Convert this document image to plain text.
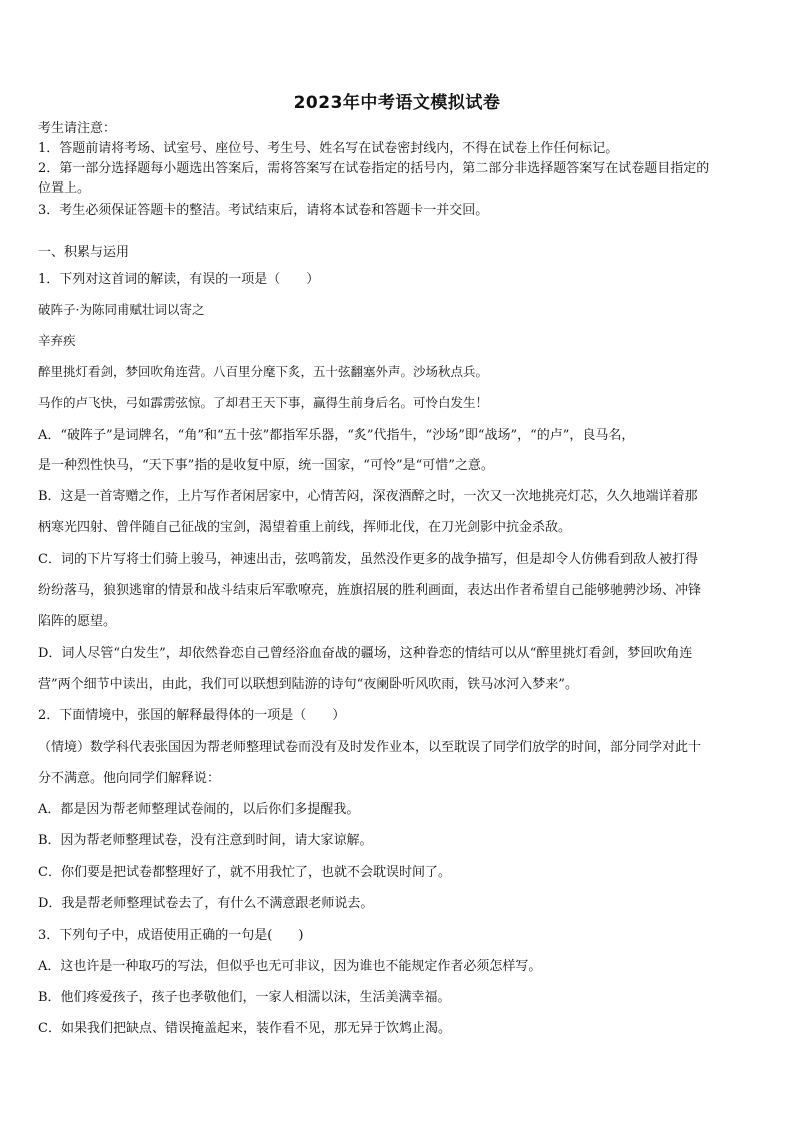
2023年中考语文模拟试卷
考生请注意：
1．答题前请将考场、试室号、座位号、考生号、姓名写在试卷密封线内，不得在试卷上作任何标记。
2．第一部分选择题每小题选出答案后，需将答案写在试卷指定的括号内，第二部分非选择题答案写在试卷题目指定的
位置上。
3．考生必须保证答题卡的整洁。考试结束后，请将本试卷和答题卡一并交回。
一、积累与运用
1．下列对这首词的解读，有误的一项是（　　）
破阵子·为陈同甫赋壮词以寄之
辛弃疾
醉里挑灯看剑，梦回吹角连营。八百里分麾下炙，五十弦翻塞外声。沙场秋点兵。
马作的卢飞快，弓如霹雳弦惊。了却君王天下事，赢得生前身后名。可怜白发生！
A．“破阵子”是词牌名，“角”和“五十弦”都指军乐器，“炙”代指牛，“沙场”即“战场”，“的卢”，良马名，
是一种烈性快马，“天下事”指的是收复中原，统一国家，“可怜”是“可惜”之意。
B．这是一首寄赠之作，上片写作者闲居家中，心情苦闷，深夜酒醉之时，一次又一次地挑亮灯芯，久久地端详着那
柄寒光四射、曾伴随自己征战的宝剑，渴望着重上前线，挥师北伐，在刀光剑影中抗金杀敌。
C．词的下片写将士们骑上骏马，神速出击，弦鸣箭发，虽然没作更多的战争描写，但是却令人仿佛看到敌人被打得
纷纷落马，狼狈逃窜的情景和战斗结束后军歌嘹亮，旌旗招展的胜利画面，表达出作者希望自己能够驰骋沙场、冲锋
陷阵的愿望。
D．词人尽管“白发生”，却依然眷恋自己曾经浴血奋战的疆场，这种眷恋的情结可以从“醉里挑灯看剑，梦回吹角连
营”两个细节中读出，由此，我们可以联想到陆游的诗句“夜阑卧听风吹雨，铁马冰河入梦来”。
2．下面情境中，张国的解释最得体的一项是（　　）
（情境）数学科代表张国因为帮老师整理试卷而没有及时发作业本，以至耽误了同学们放学的时间，部分同学对此十
分不满意。他向同学们解释说：
A．都是因为帮老师整理试卷闹的，以后你们多提醒我。
B．因为帮老师整理试卷，没有注意到时间，请大家谅解。
C．你们要是把试卷都整理好了，就不用我忙了，也就不会耽误时间了。
D．我是帮老师整理试卷去了，有什么不满意跟老师说去。
3．下列句子中，成语使用正确的一句是(　　)
A．这也许是一种取巧的写法，但似乎也无可非议，因为谁也不能规定作者必须怎样写。
B．他们疼爱孩子，孩子也孝敬他们，一家人相濡以沫，生活美满幸福。
C．如果我们把缺点、错误掩盖起来，装作看不见，那无异于饮鸩止渴。
